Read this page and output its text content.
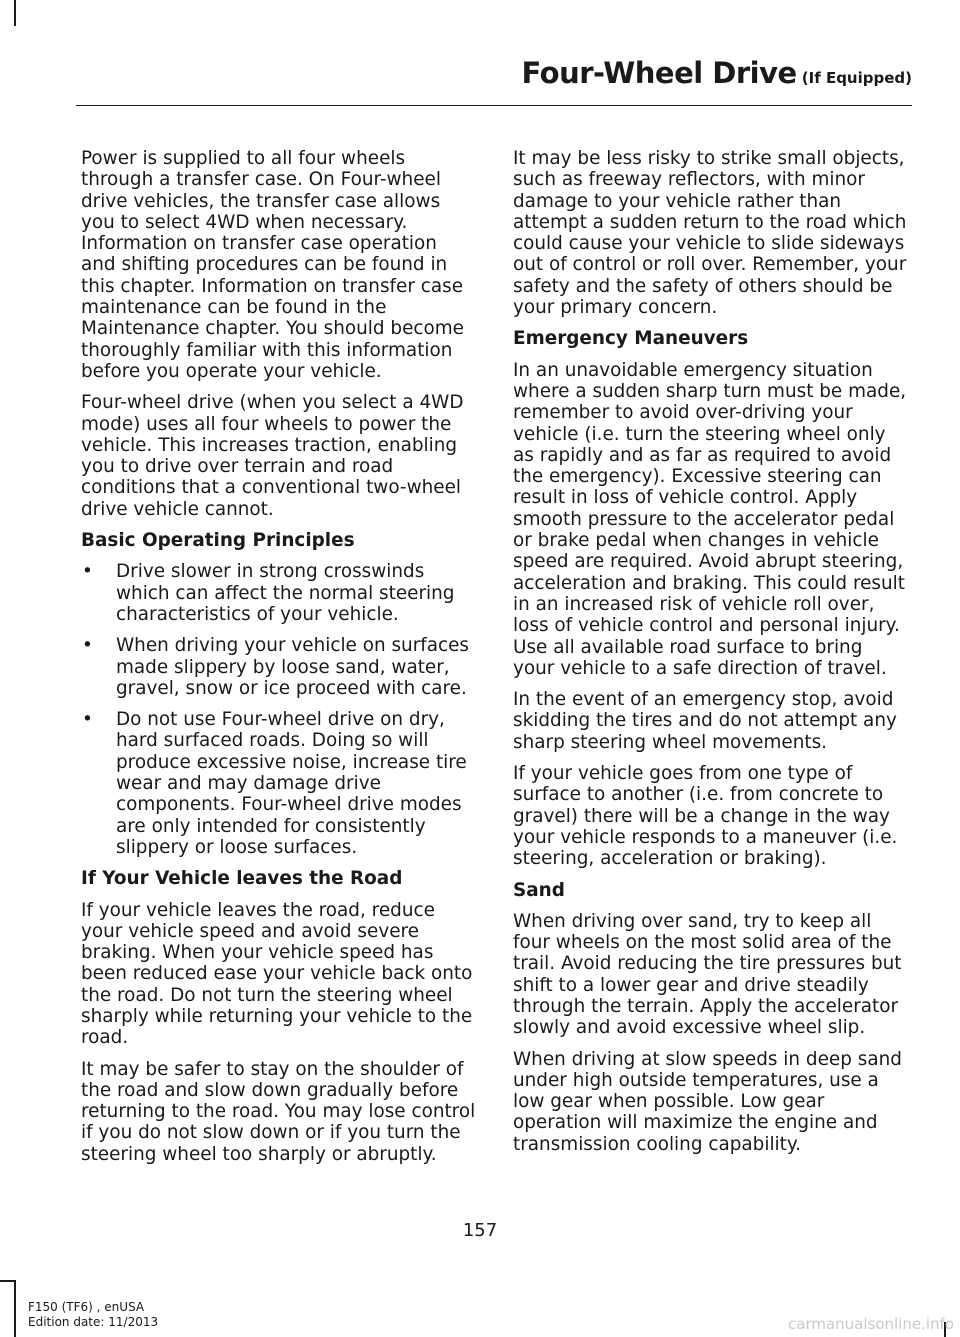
Four-Wheel Drive (If Equipped)

Power is supplied to all four wheels through a transfer case. On Four-wheel drive vehicles, the transfer case allows you to select 4WD when necessary. Information on transfer case operation and shifting procedures can be found in this chapter. Information on transfer case maintenance can be found in the Maintenance chapter. You should become thoroughly familiar with this information before you operate your vehicle.

Four-wheel drive (when you select a 4WD mode) uses all four wheels to power the vehicle. This increases traction, enabling you to drive over terrain and road conditions that a conventional two-wheel drive vehicle cannot.

Basic Operating Principles
• Drive slower in strong crosswinds which can affect the normal steering characteristics of your vehicle.
• When driving your vehicle on surfaces made slippery by loose sand, water, gravel, snow or ice proceed with care.
• Do not use Four-wheel drive on dry, hard surfaced roads. Doing so will produce excessive noise, increase tire wear and may damage drive components. Four-wheel drive modes are only intended for consistently slippery or loose surfaces.
If Your Vehicle leaves the Road

If your vehicle leaves the road, reduce your vehicle speed and avoid severe braking. When your vehicle speed has been reduced ease your vehicle back onto the road. Do not turn the steering wheel sharply while returning your vehicle to the road.

It may be safer to stay on the shoulder of the road and slow down gradually before returning to the road. You may lose control if you do not slow down or if you turn the steering wheel too sharply or abruptly.

It may be less risky to strike small objects, such as freeway reflectors, with minor damage to your vehicle rather than attempt a sudden return to the road which could cause your vehicle to slide sideways out of control or roll over. Remember, your safety and the safety of others should be your primary concern.

Emergency Maneuvers

In an unavoidable emergency situation where a sudden sharp turn must be made, remember to avoid over-driving your vehicle (i.e. turn the steering wheel only as rapidly and as far as required to avoid the emergency). Excessive steering can result in loss of vehicle control. Apply smooth pressure to the accelerator pedal or brake pedal when changes in vehicle speed are required. Avoid abrupt steering, acceleration and braking. This could result in an increased risk of vehicle roll over, loss of vehicle control and personal injury. Use all available road surface to bring your vehicle to a safe direction of travel.

In the event of an emergency stop, avoid skidding the tires and do not attempt any sharp steering wheel movements.

If your vehicle goes from one type of surface to another (i.e. from concrete to gravel) there will be a change in the way your vehicle responds to a maneuver (i.e. steering, acceleration or braking).

Sand

When driving over sand, try to keep all four wheels on the most solid area of the trail. Avoid reducing the tire pressures but shift to a lower gear and drive steadily through the terrain. Apply the accelerator slowly and avoid excessive wheel slip.

When driving at slow speeds in deep sand under high outside temperatures, use a low gear when possible. Low gear operation will maximize the engine and transmission cooling capability.

157
F150 (TF6) , enUSA
Edition date: 11/2013	carmanualsonline.info
